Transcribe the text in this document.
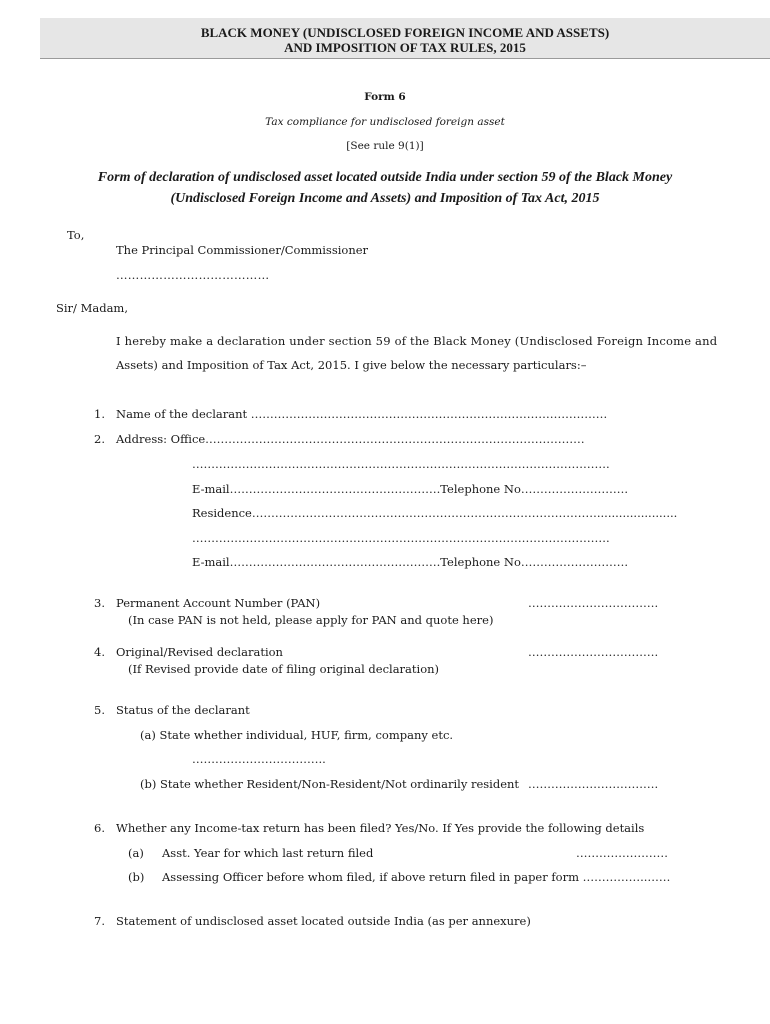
BLACK MONEY (UNDISCLOSED FOREIGN INCOME AND ASSETS)
AND IMPOSITION OF TAX RULES, 2015
Form 6
Tax compliance for undisclosed foreign asset
[See rule 9(1)]
Form of declaration of undisclosed asset located outside India under section 59 of the Black Money
(Undisclosed Foreign Income and Assets) and Imposition of Tax Act, 2015
To,
The Principal Commissioner/Commissioner
…………………………………
Sir/ Madam,
I hereby make a declaration under section 59 of the Black Money (Undisclosed Foreign Income and
Assets) and Imposition of Tax Act, 2015. I give below the necessary particulars:–
1. Name of the declarant …………………………………………………………………………………
2. Address: Office………………………………………………………………………………………
……………………………………………………………………………………………….
E-mail……………………………………………….Telephone No……………………….
Residence………………………………………………………………………………......................
……………………………………………………………………………………………….
E-mail……………………………………………….Telephone No……………………….
3. Permanent Account Number (PAN)	…………………………….
(In case PAN is not held, please apply for PAN and quote here)
4. Original/Revised declaration	…………………………….
(If Revised provide date of filing original declaration)
5. Status of the declarant
(a) State whether individual, HUF, firm, company etc.
……………………………..
(b) State whether Resident/Non-Resident/Not ordinarily resident …………………………….
6. Whether any Income-tax return has been filed? Yes/No. If Yes provide the following details
(a) Asst. Year for which last return filed	……………………
(b) Assessing Officer before whom filed, if above return filed in paper form ……………..……
7. Statement of undisclosed asset located outside India (as per annexure)
